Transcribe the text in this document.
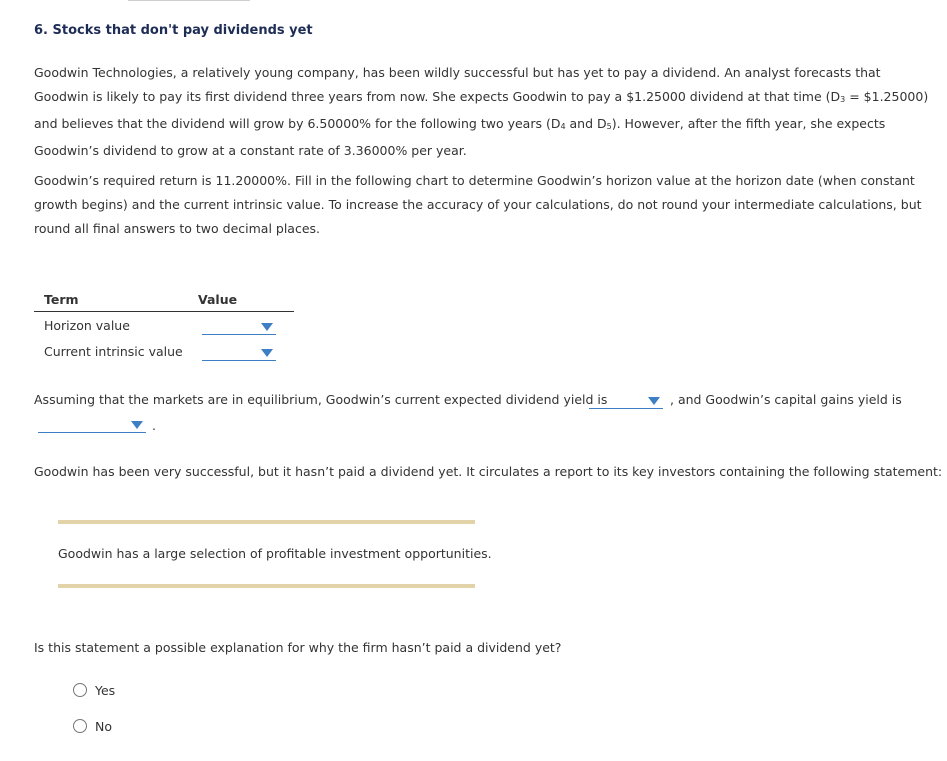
6. Stocks that don't pay dividends yet

Goodwin Technologies, a relatively young company, has been wildly successful but has yet to pay a dividend. An analyst forecasts that Goodwin is likely to pay its first dividend three years from now. She expects Goodwin to pay a $1.25000 dividend at that time ($D_3$ = $1.25000) and believes that the dividend will grow by 6.50000% for the following two years ($D_4$ and $D_5$). However, after the fifth year, she expects Goodwin’s dividend to grow at a constant rate of 3.36000% per year.

Goodwin’s required return is 11.20000%. Fill in the following chart to determine Goodwin’s horizon value at the horizon date (when constant growth begins) and the current intrinsic value. To increase the accuracy of your calculations, do not round your intermediate calculations, but round all final answers to two decimal places.

Term	Value
Horizon value
Current intrinsic value
Assuming that the markets are in equilibrium, Goodwin’s current expected dividend yield is	, and Goodwin’s capital gains yield is
.
Goodwin has been very successful, but it hasn’t paid a dividend yet. It circulates a report to its key investors containing the following statement:
Goodwin has a large selection of profitable investment opportunities.
Is this statement a possible explanation for why the firm hasn’t paid a dividend yet?
Yes
No
